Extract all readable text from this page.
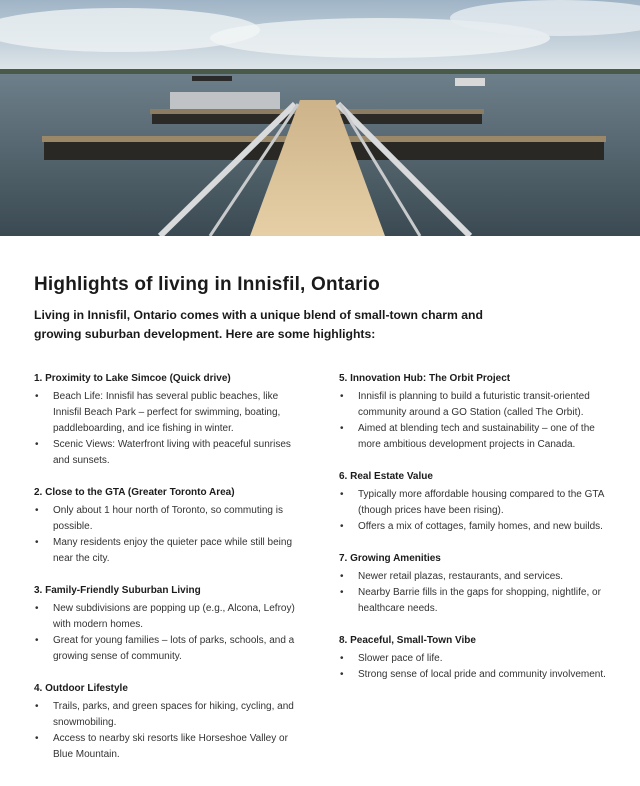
Highlights of living in Innisfil, Ontario

Living in Innisfil, Ontario comes with a unique blend of small-town charm and growing suburban development. Here are some highlights:

1. Proximity to Lake Simcoe (Quick drive)
• Beach Life: Innisfil has several public beaches, like Innisfil Beach Park – perfect for swimming, boating, paddleboarding, and ice fishing in winter.
• Scenic Views: Waterfront living with peaceful sunrises and sunsets.
2. Close to the GTA (Greater Toronto Area)
• Only about 1 hour north of Toronto, so commuting is possible.
• Many residents enjoy the quieter pace while still being near the city.
3. Family-Friendly Suburban Living
• New subdivisions are popping up (e.g., Alcona, Lefroy) with modern homes.
• Great for young families – lots of parks, schools, and a growing sense of community.
4. Outdoor Lifestyle
• Trails, parks, and green spaces for hiking, cycling, and snowmobiling.
• Access to nearby ski resorts like Horseshoe Valley or Blue Mountain.
5. Innovation Hub: The Orbit Project
• Innisfil is planning to build a futuristic transit-oriented community around a GO Station (called The Orbit).
• Aimed at blending tech and sustainability – one of the more ambitious development projects in Canada.
6. Real Estate Value
• Typically more affordable housing compared to the GTA (though prices have been rising).
• Offers a mix of cottages, family homes, and new builds.
7. Growing Amenities
• Newer retail plazas, restaurants, and services.
• Nearby Barrie fills in the gaps for shopping, nightlife, or healthcare needs.
8. Peaceful, Small-Town Vibe
• Slower pace of life.
• Strong sense of local pride and community involvement.
